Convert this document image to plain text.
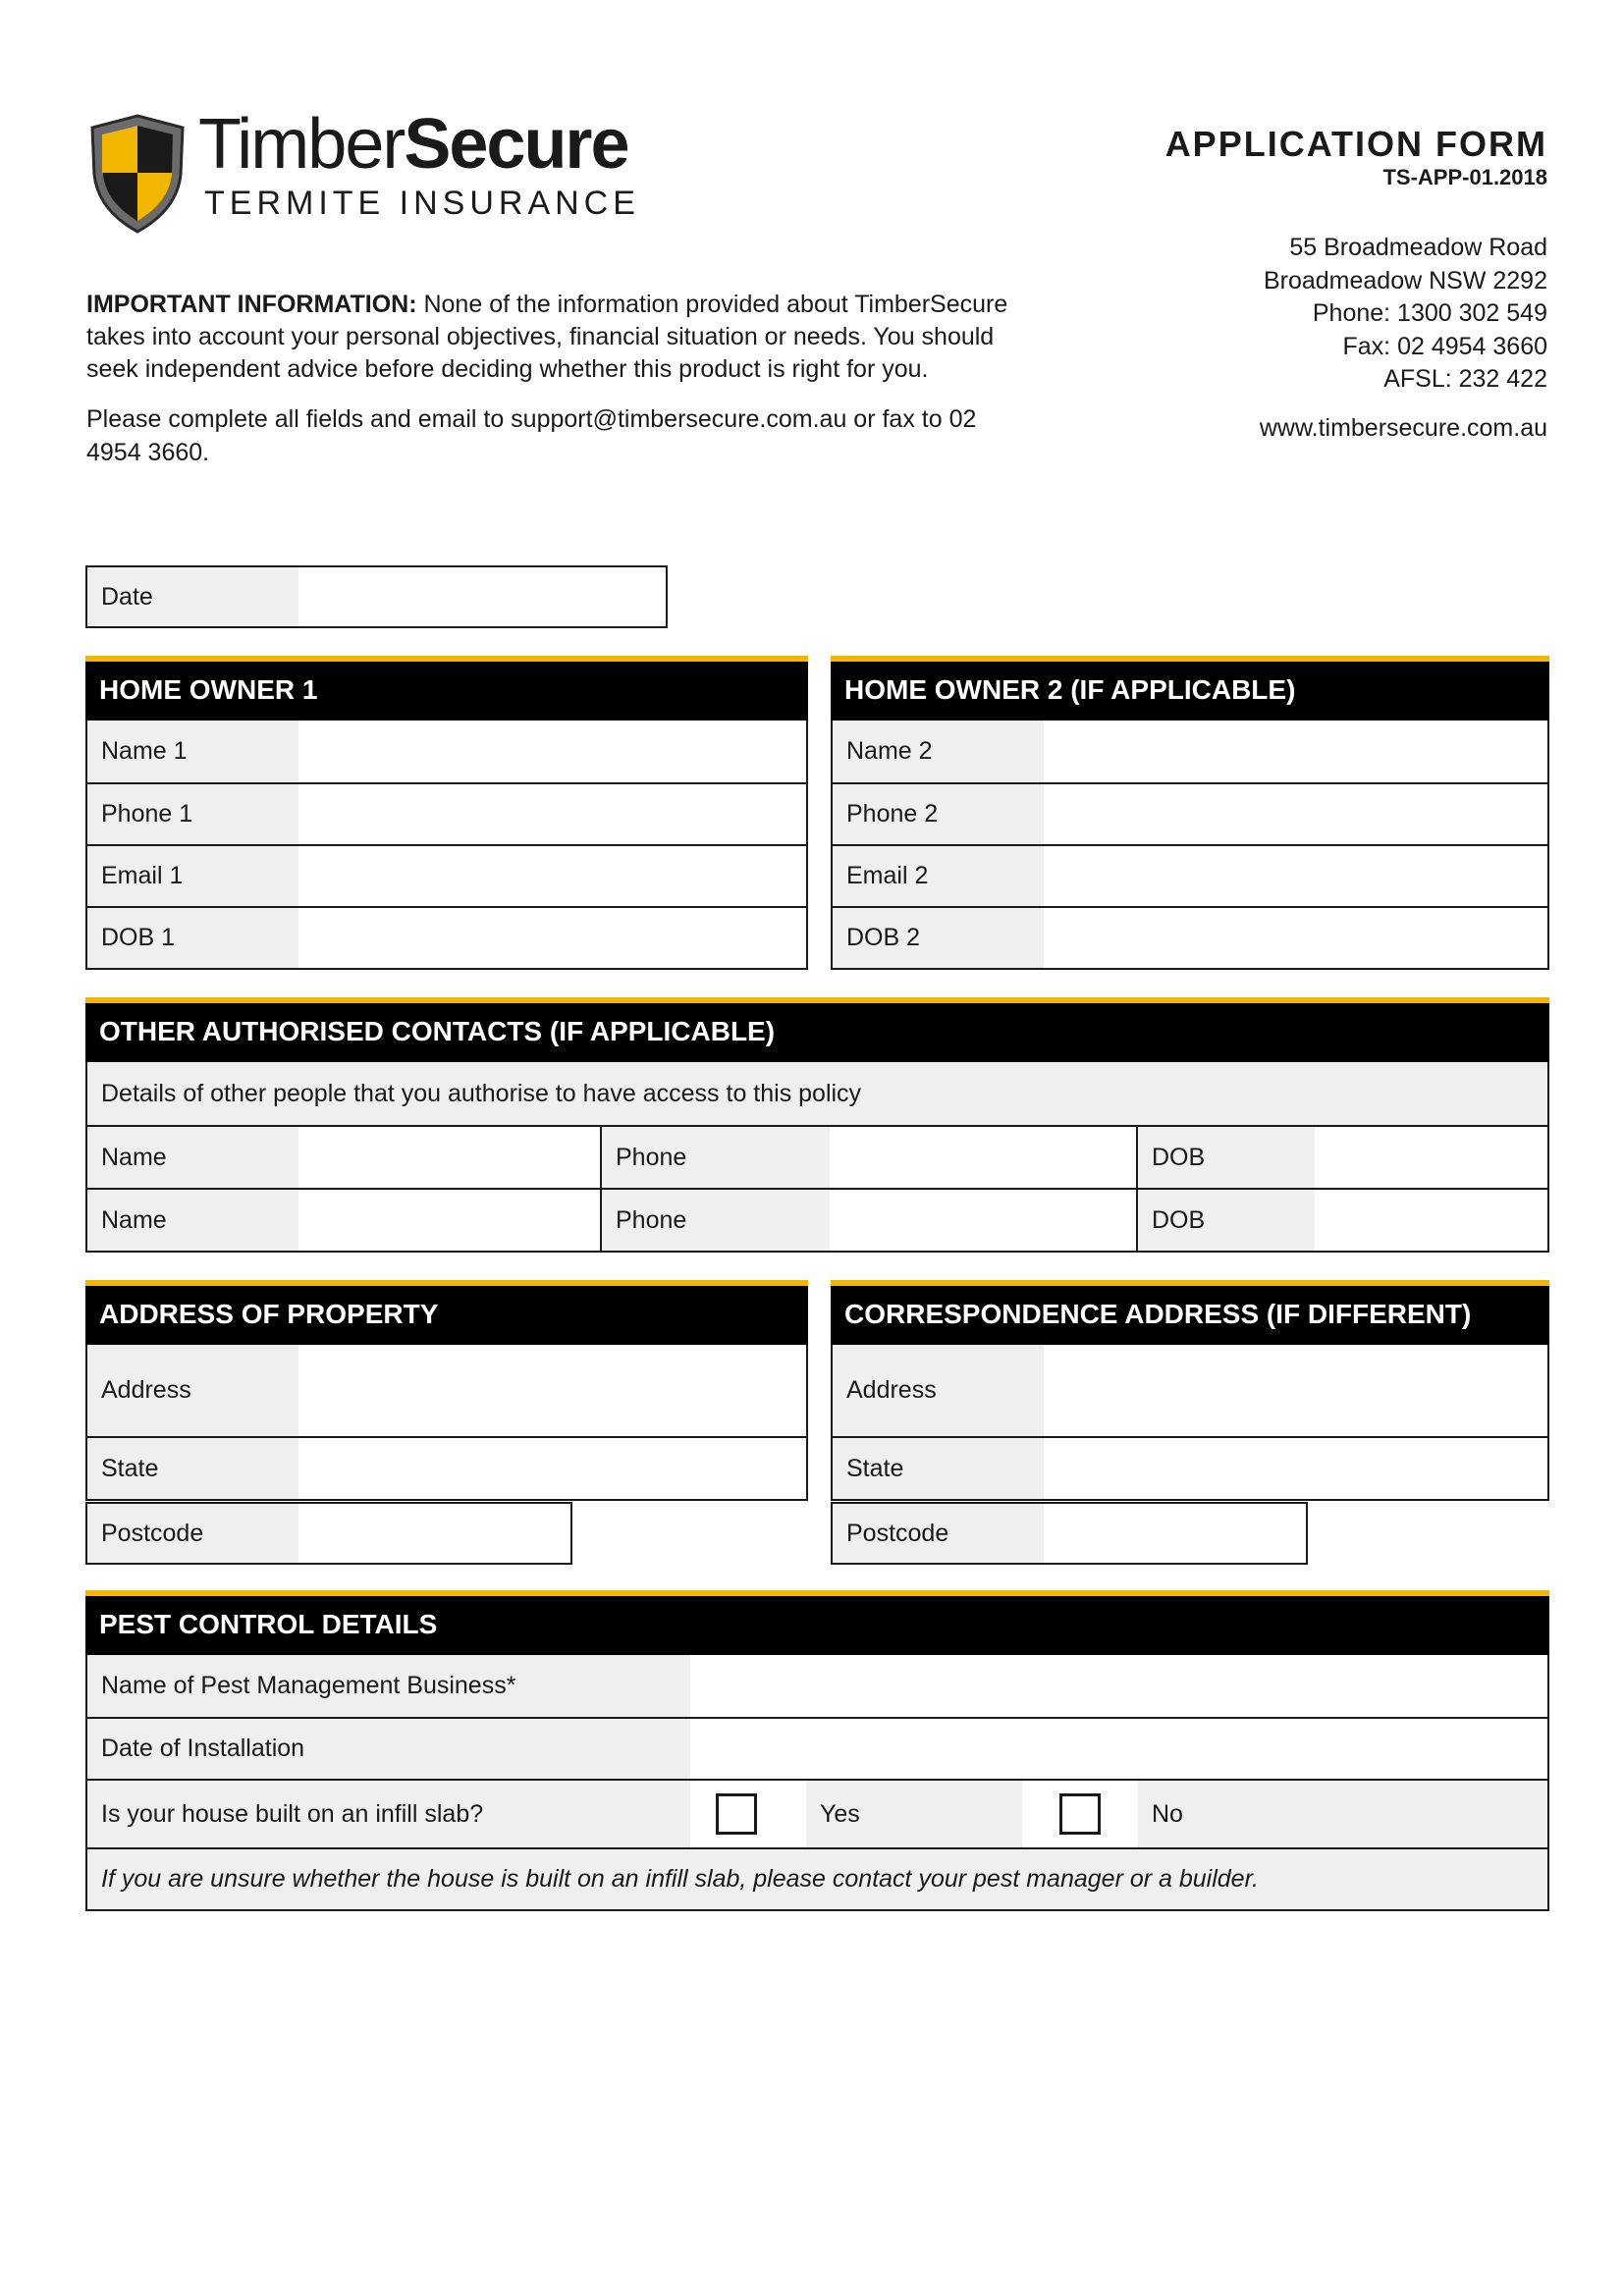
TimberSecure
TERMITE INSURANCE
APPLICATION FORM
TS-APP-01.2018
55 Broadmeadow Road
Broadmeadow NSW 2292
Phone: 1300 302 549
Fax: 02 4954 3660
AFSL: 232 422
www.timbersecure.com.au
IMPORTANT INFORMATION: None of the information provided about TimberSecure takes into account your personal objectives, financial situation or needs. You should seek independent advice before deciding whether this product is right for you.
Please complete all fields and email to support@timbersecure.com.au or fax to 02 4954 3660.
Date
HOME OWNER 1
Name 1
Phone 1
Email 1
DOB 1
HOME OWNER 2 (IF APPLICABLE)
Name 2
Phone 2
Email 2
DOB 2
OTHER AUTHORISED CONTACTS (IF APPLICABLE)
Details of other people that you authorise to have access to this policy
Name	Phone	DOB
Name	Phone	DOB
ADDRESS OF PROPERTY
Address
State
Postcode
CORRESPONDENCE ADDRESS (IF DIFFERENT)
Address
State
Postcode
PEST CONTROL DETAILS
Name of Pest Management Business*
Date of Installation
Is your house built on an infill slab?	Yes	No
If you are unsure whether the house is built on an infill slab, please contact your pest manager or a builder.
